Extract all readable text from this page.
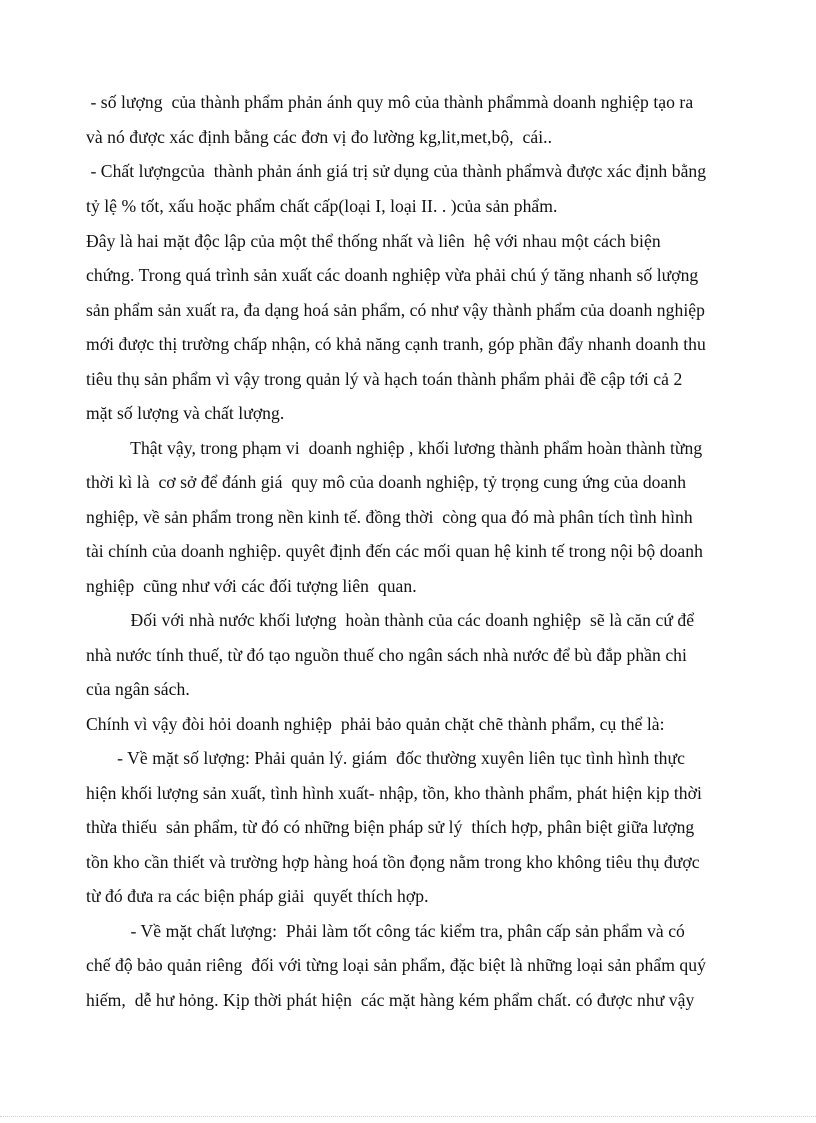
- số lượng  của thành phẩm phản ánh quy mô của thành phẩmmà doanh nghiệp tạo ra
và nó được xác định bằng các đơn vị đo lường kg,lit,met,bộ,  cái..
- Chất lượngcủa  thành phản ánh giá trị sử dụng của thành phẩmvà được xác định bằng
tỷ lệ % tốt, xấu hoặc phẩm chất cấp(loại I, loại II. . )của sản phẩm.
Đây là hai mặt độc lập của một thể thống nhất và liên  hệ với nhau một cách biện
chứng. Trong quá trình sản xuất các doanh nghiệp vừa phải chú ý tăng nhanh số lượng
sản phẩm sản xuất ra, đa dạng hoá sản phẩm, có như vậy thành phẩm của doanh nghiệp
mới được thị trường chấp nhận, có khả năng cạnh tranh, góp phần đẩy nhanh doanh thu
tiêu thụ sản phẩm vì vậy trong quản lý và hạch toán thành phẩm phải đề cập tới cả 2
mặt số lượng và chất lượng.
Thật vậy, trong phạm vi  doanh nghiệp , khối lương thành phẩm hoàn thành từng
thời kì là  cơ sở để đánh giá  quy mô của doanh nghiệp, tỷ trọng cung ứng của doanh
nghiệp, về sản phẩm trong nền kinh tế. đồng thời  còng qua đó mà phân tích tình hình
tài chính của doanh nghiệp. quyêt định đến các mối quan hệ kinh tế trong nội bộ doanh
nghiệp  cũng như với các đối tượng liên  quan.
Đối với nhà nước khối lượng  hoàn thành của các doanh nghiệp  sẽ là căn cứ để
nhà nước tính thuế, từ đó tạo nguồn thuế cho ngân sách nhà nước để bù đắp phần chi
của ngân sách.
Chính vì vậy đòi hỏi doanh nghiệp  phải bảo quản chặt chẽ thành phẩm, cụ thể là:
- Về mặt số lượng: Phải quản lý. giám  đốc thường xuyên liên tục tình hình thực
hiện khối lượng sản xuất, tình hình xuất- nhập, tồn, kho thành phẩm, phát hiện kịp thời
thừa thiếu  sản phẩm, từ đó có những biện pháp sử lý  thích hợp, phân biệt giữa lượng
tồn kho cần thiết và trường hợp hàng hoá tồn đọng nằm trong kho không tiêu thụ được
từ đó đưa ra các biện pháp giải  quyết thích hợp.
- Về mặt chất lượng:  Phải làm tốt công tác kiểm tra, phân cấp sản phẩm và có
chế độ bảo quản riêng  đối với từng loại sản phẩm, đặc biệt là những loại sản phẩm quý
hiếm,  dễ hư hỏng. Kịp thời phát hiện  các mặt hàng kém phẩm chất. có được như vậy
